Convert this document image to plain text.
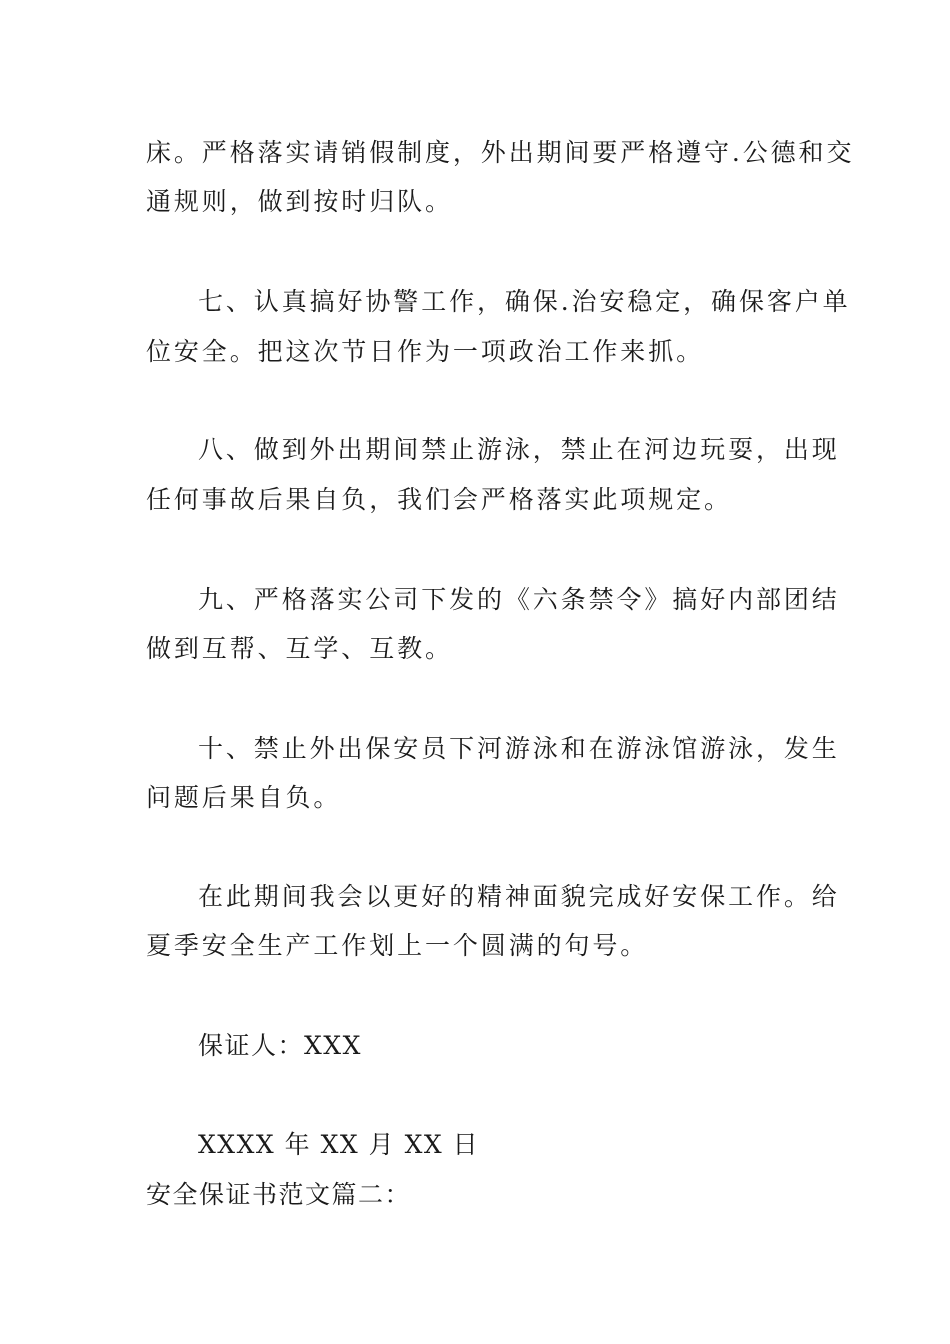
床。严格落实请销假制度，外出期间要严格遵守.公德和交
通规则，做到按时归队。
七、认真搞好协警工作，确保.治安稳定，确保客户单
位安全。把这次节日作为一项政治工作来抓。
八、做到外出期间禁止游泳，禁止在河边玩耍，出现
任何事故后果自负，我们会严格落实此项规定。
九、严格落实公司下发的《六条禁令》搞好内部团结
做到互帮、互学、互教。
十、禁止外出保安员下河游泳和在游泳馆游泳，发生
问题后果自负。
在此期间我会以更好的精神面貌完成好安保工作。给
夏季安全生产工作划上一个圆满的句号。
保证人：XXX
XXXX 年 XX 月 XX 日
安全保证书范文篇二：
